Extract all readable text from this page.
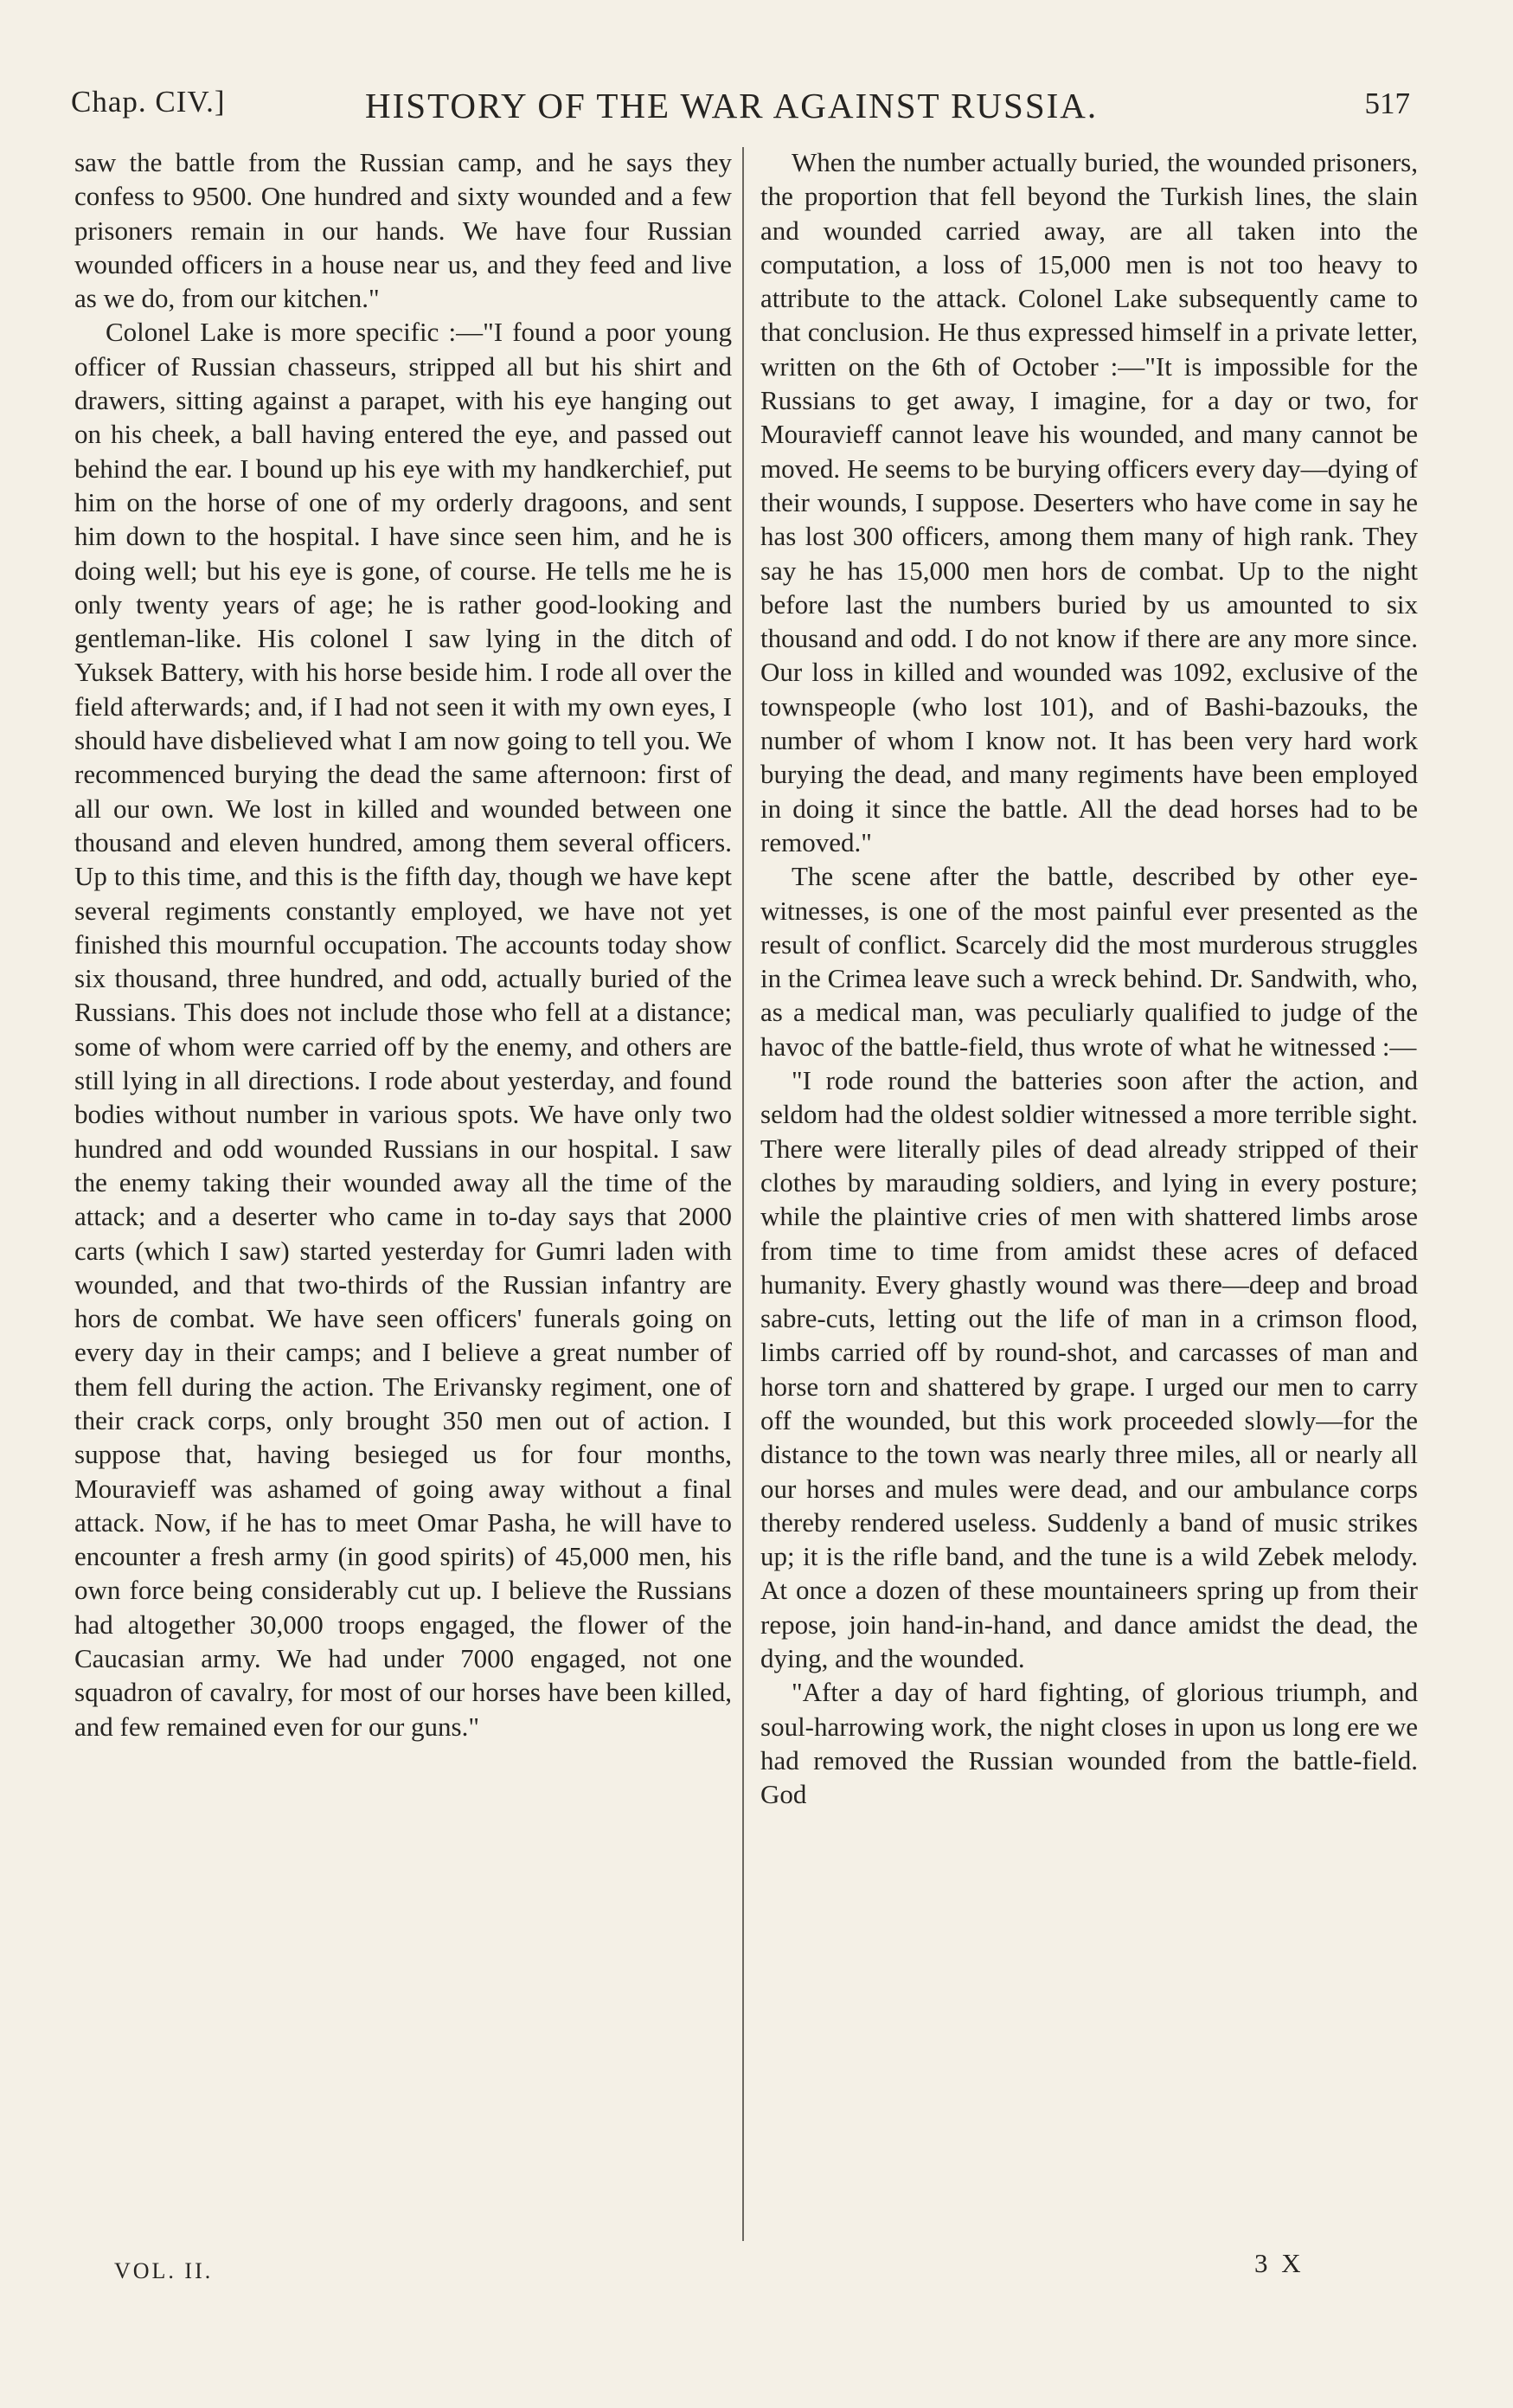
Chap. CIV.]	HISTORY OF THE WAR AGAINST RUSSIA.	517

saw the battle from the Russian camp, and he says they confess to 9500. One hundred and sixty wounded and a few prisoners remain in our hands. We have four Russian wounded officers in a house near us, and they feed and live as we do, from our kitchen."

Colonel Lake is more specific :—"I found a poor young officer of Russian chasseurs, stripped all but his shirt and drawers, sitting against a parapet, with his eye hanging out on his cheek, a ball having entered the eye, and passed out behind the ear. I bound up his eye with my handkerchief, put him on the horse of one of my orderly dragoons, and sent him down to the hospital. I have since seen him, and he is doing well; but his eye is gone, of course. He tells me he is only twenty years of age; he is rather good-looking and gentleman-like. His colonel I saw lying in the ditch of Yuksek Battery, with his horse beside him. I rode all over the field afterwards; and, if I had not seen it with my own eyes, I should have disbelieved what I am now going to tell you. We recommenced burying the dead the same afternoon: first of all our own. We lost in killed and wounded between one thousand and eleven hundred, among them several officers. Up to this time, and this is the fifth day, though we have kept several regiments constantly employed, we have not yet finished this mournful occupation. The accounts today show six thousand, three hundred, and odd, actually buried of the Russians. This does not include those who fell at a distance; some of whom were carried off by the enemy, and others are still lying in all directions. I rode about yesterday, and found bodies without number in various spots. We have only two hundred and odd wounded Russians in our hospital. I saw the enemy taking their wounded away all the time of the attack; and a deserter who came in to-day says that 2000 carts (which I saw) started yesterday for Gumri laden with wounded, and that two-thirds of the Russian infantry are hors de combat. We have seen officers' funerals going on every day in their camps; and I believe a great number of them fell during the action. The Erivansky regiment, one of their crack corps, only brought 350 men out of action. I suppose that, having besieged us for four months, Mouravieff was ashamed of going away without a final attack. Now, if he has to meet Omar Pasha, he will have to encounter a fresh army (in good spirits) of 45,000 men, his own force being considerably cut up. I believe the Russians had altogether 30,000 troops engaged, the flower of the Caucasian army. We had under 7000 engaged, not one squadron of cavalry, for most of our horses have been killed, and few remained even for our guns."

When the number actually buried, the wounded prisoners, the proportion that fell beyond the Turkish lines, the slain and wounded carried away, are all taken into the computation, a loss of 15,000 men is not too heavy to attribute to the attack. Colonel Lake subsequently came to that conclusion. He thus expressed himself in a private letter, written on the 6th of October :—"It is impossible for the Russians to get away, I imagine, for a day or two, for Mouravieff cannot leave his wounded, and many cannot be moved. He seems to be burying officers every day—dying of their wounds, I suppose. Deserters who have come in say he has lost 300 officers, among them many of high rank. They say he has 15,000 men hors de combat. Up to the night before last the numbers buried by us amounted to six thousand and odd. I do not know if there are any more since. Our loss in killed and wounded was 1092, exclusive of the townspeople (who lost 101), and of Bashi-bazouks, the number of whom I know not. It has been very hard work burying the dead, and many regiments have been employed in doing it since the battle. All the dead horses had to be removed."

The scene after the battle, described by other eye-witnesses, is one of the most painful ever presented as the result of conflict. Scarcely did the most murderous struggles in the Crimea leave such a wreck behind. Dr. Sandwith, who, as a medical man, was peculiarly qualified to judge of the havoc of the battle-field, thus wrote of what he witnessed :—

"I rode round the batteries soon after the action, and seldom had the oldest soldier witnessed a more terrible sight. There were literally piles of dead already stripped of their clothes by marauding soldiers, and lying in every posture; while the plaintive cries of men with shattered limbs arose from time to time from amidst these acres of defaced humanity. Every ghastly wound was there—deep and broad sabre-cuts, letting out the life of man in a crimson flood, limbs carried off by round-shot, and carcasses of man and horse torn and shattered by grape. I urged our men to carry off the wounded, but this work proceeded slowly—for the distance to the town was nearly three miles, all or nearly all our horses and mules were dead, and our ambulance corps thereby rendered useless. Suddenly a band of music strikes up; it is the rifle band, and the tune is a wild Zebek melody. At once a dozen of these mountaineers spring up from their repose, join hand-in-hand, and dance amidst the dead, the dying, and the wounded.

"After a day of hard fighting, of glorious triumph, and soul-harrowing work, the night closes in upon us long ere we had removed the Russian wounded from the battle-field. God

VOL. II.	3 X
